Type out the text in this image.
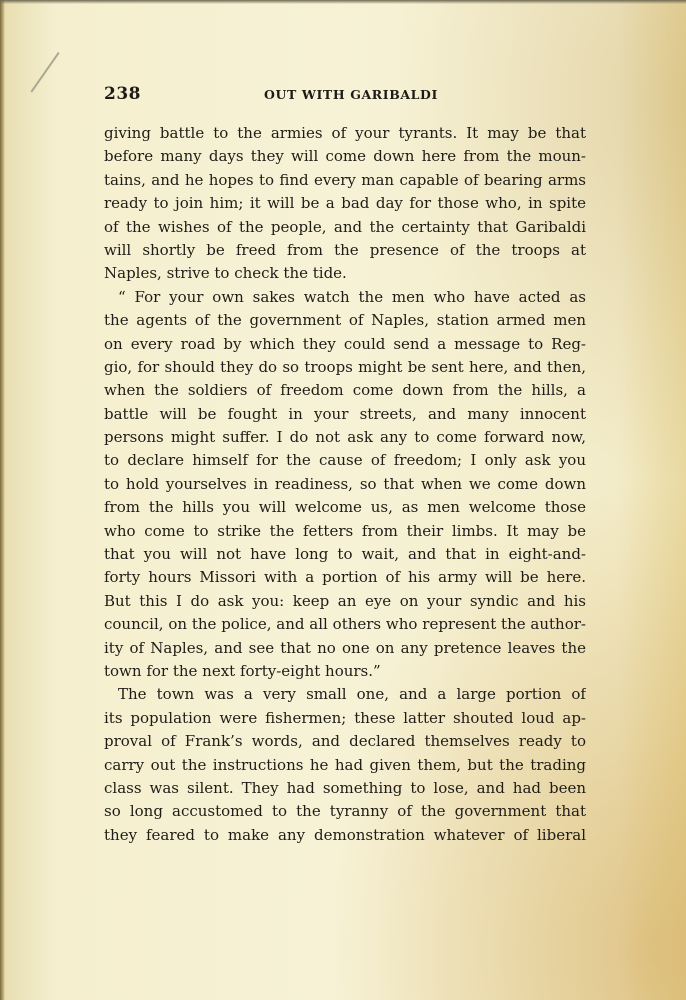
238	OUT WITH GARIBALDI
giving battle to the armies of your tyrants. It may be that
before many days they will come down here from the moun-
tains, and he hopes to find every man capable of bearing arms
ready to join him; it will be a bad day for those who, in spite
of the wishes of the people, and the certainty that Garibaldi
will shortly be freed from the presence of the troops at
Naples, strive to check the tide.
“ For your own sakes watch the men who have acted as
the agents of the government of Naples, station armed men
on every road by which they could send a message to Reg-
gio, for should they do so troops might be sent here, and then,
when the soldiers of freedom come down from the hills, a
battle will be fought in your streets, and many innocent
persons might suffer. I do not ask any to come forward now,
to declare himself for the cause of freedom; I only ask you
to hold yourselves in readiness, so that when we come down
from the hills you will welcome us, as men welcome those
who come to strike the fetters from their limbs. It may be
that you will not have long to wait, and that in eight-and-
forty hours Missori with a portion of his army will be here.
But this I do ask you: keep an eye on your syndic and his
council, on the police, and all others who represent the author-
ity of Naples, and see that no one on any pretence leaves the
town for the next forty-eight hours.”
The town was a very small one, and a large portion of
its population were fishermen; these latter shouted loud ap-
proval of Frank’s words, and declared themselves ready to
carry out the instructions he had given them, but the trading
class was silent. They had something to lose, and had been
so long accustomed to the tyranny of the government that
they feared to make any demonstration whatever of liberal
